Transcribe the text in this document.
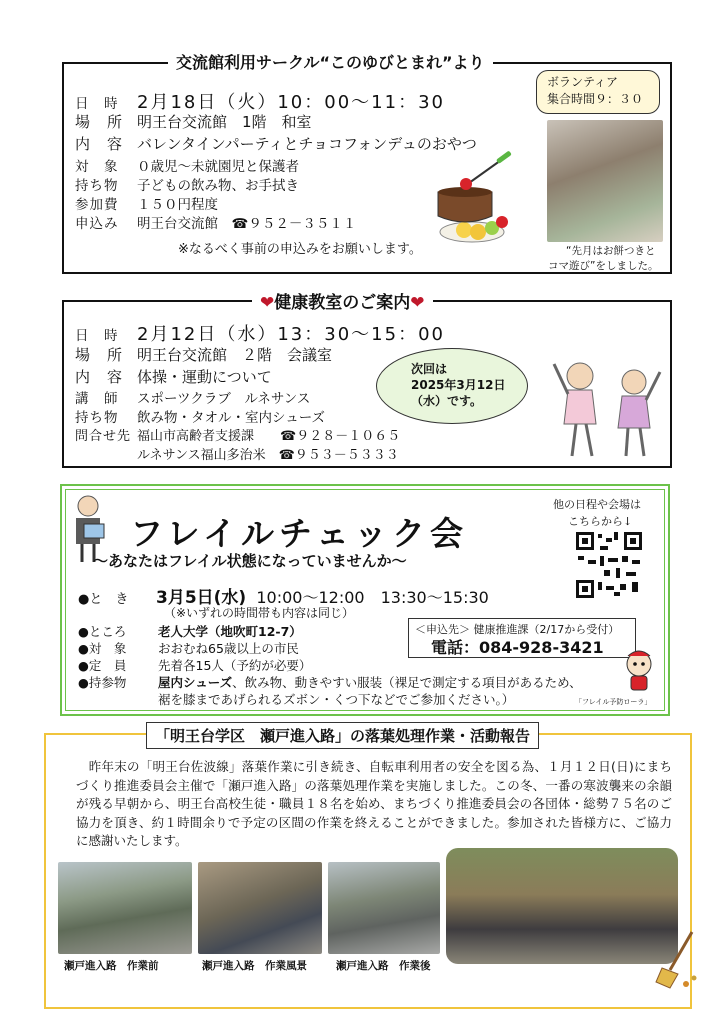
交流館利用サークル“このゆびとまれ”より
日　時 2月18日（火）10：00～11：30
場　所 明王台交流館　1階　和室
内　容 バレンタインパーティとチョコフォンデュのおやつ
対　象 ０歳児～未就園児と保護者
持ち物 子どもの飲み物、お手拭き
参加費 １５０円程度
申込み 明王台交流館　☎９５２－３５１１
※なるべく事前の申込みをお願いします。
ボランティア
集合時間９：３０
“先月はお餅つきと
コマ遊び”をしました。
❤健康教室のご案内❤
日　時 2月12日（水）13：30～15：00
場　所 明王台交流館　２階　会議室
内　容 体操・運動について
講　師 スポーツクラブ　ルネサンス
持ち物 飲み物・タオル・室内シューズ
問合せ先 福山市高齢者支援課　　☎９２８－１０６５
ルネサンス福山多治米　☎９５３－５３３３
次回は
2025年3月12日
（水）です。
フレイルチェック会
～あなたはフレイル状態になっていませんか～
他の日程や会場は
こちらから↓
●と　き 3月5日(水) 10:00～12:00　13:30～15:30
（※いずれの時間帯も内容は同じ）
●ところ	老人大学（地吹町12-7）
●対　象	おおむね65歳以上の市民
●定　員	先着各15人（予約が必要）
●持参物	屋内シューズ、飲み物、動きやすい服装（裸足で測定する項目があるため、
裾を膝まであげられるズボン・くつ下などでご参加ください。）
＜申込先＞ 健康推進課（2/17から受付）
電話：084-928-3421
「フレイル予防ローラ」
「明王台学区　瀬戸進入路」の落葉処理作業・活動報告
　昨年末の「明王台佐波線」落葉作業に引き続き、自転車利用者の安全を図る為、１月１２日(日)にまちづくり推進委員会主催で「瀬戸進入路」の落葉処理作業を実施しました。この冬、一番の寒波襲来の余韻が残る早朝から、明王台高校生徒・職員１８名を始め、まちづくり推進委員会の各団体・総勢７５名のご協力を頂き、約１時間余りで予定の区間の作業を終えることができました。参加された皆様方に、ご協力に感謝いたします。
瀬戸進入路　作業前	瀬戸進入路　作業風景	瀬戸進入路　作業後
